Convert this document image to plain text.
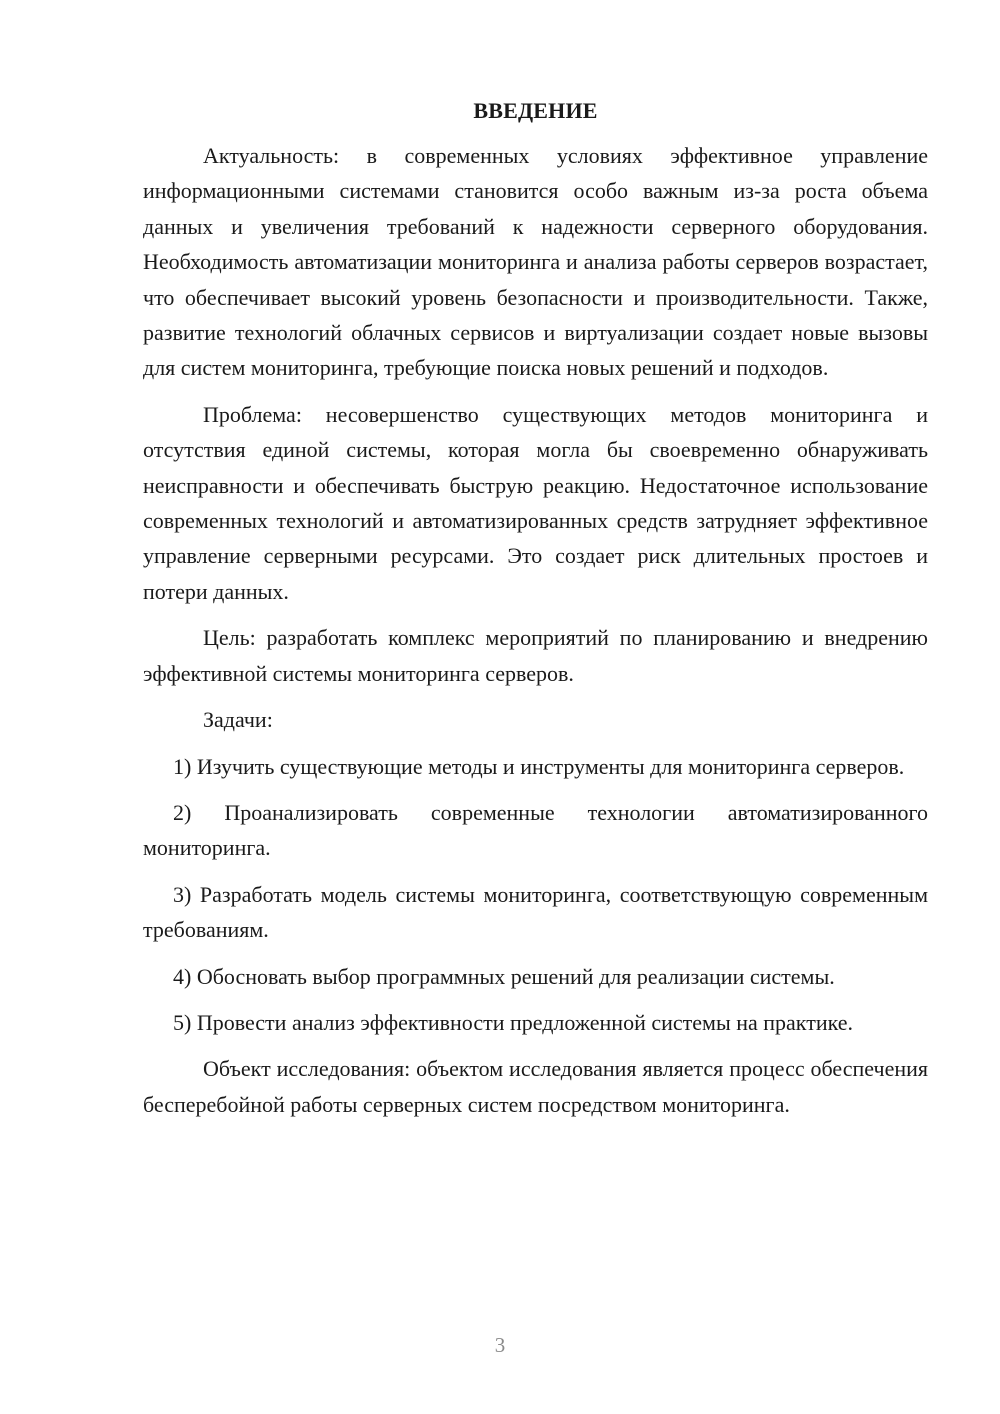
ВВЕДЕНИЕ

Актуальность: в современных условиях эффективное управление информационными системами становится особо важным из-за роста объема данных и увеличения требований к надежности серверного оборудования. Необходимость автоматизации мониторинга и анализа работы серверов возрастает, что обеспечивает высокий уровень безопасности и производительности. Также, развитие технологий облачных сервисов и виртуализации создает новые вызовы для систем мониторинга, требующие поиска новых решений и подходов.

Проблема: несовершенство существующих методов мониторинга и отсутствия единой системы, которая могла бы своевременно обнаруживать неисправности и обеспечивать быструю реакцию. Недостаточное использование современных технологий и автоматизированных средств затрудняет эффективное управление серверными ресурсами. Это создает риск длительных простоев и потери данных.

Цель: разработать комплекс мероприятий по планированию и внедрению эффективной системы мониторинга серверов.

Задачи:

1) Изучить существующие методы и инструменты для мониторинга серверов.

2) Проанализировать современные технологии автоматизированного мониторинга.

3) Разработать модель системы мониторинга, соответствующую современным требованиям.

4) Обосновать выбор программных решений для реализации системы.

5) Провести анализ эффективности предложенной системы на практике.

Объект исследования: объектом исследования является процесс обеспечения бесперебойной работы серверных систем посредством мониторинга.

3
